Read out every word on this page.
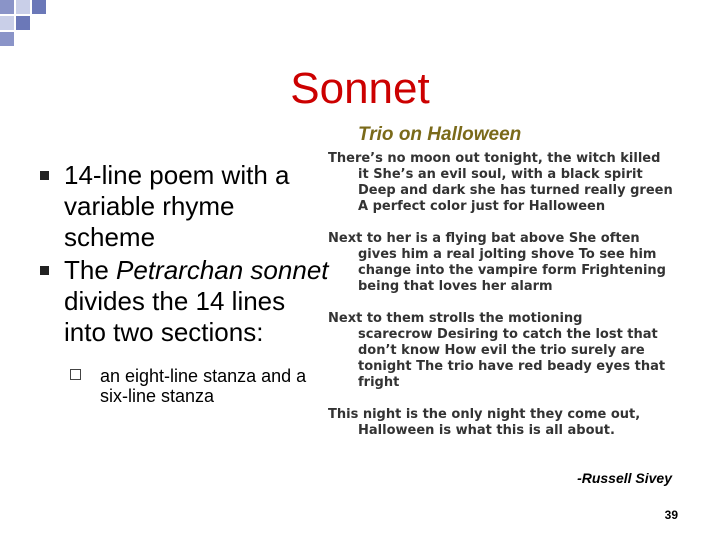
Sonnet
Trio on Halloween
14-line poem with a variable rhyme scheme
The Petrarchan sonnet divides the 14 lines into two sections:
an eight-line stanza and a six-line stanza
There’s no moon out tonight, the witch killed
it She’s an evil soul, with a black spirit Deep and dark she has turned really green A perfect color just for Halloween
Next to her is a flying bat above She often
gives him a real jolting shove To see him change into the vampire form Frightening being that loves her alarm
Next to them strolls the motioning
scarecrow Desiring to catch the lost that don’t know How evil the trio surely are tonight The trio have red beady eyes that fright
This night is the only night they come out,
Halloween is what this is all about.
-Russell Sivey
39
